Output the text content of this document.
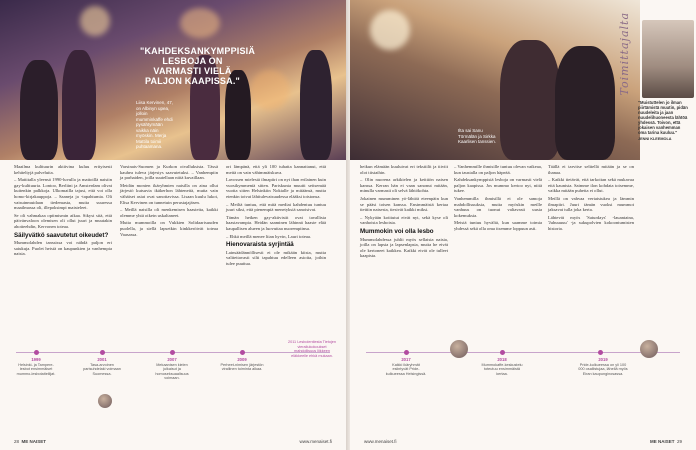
Liisa Kervinen, 47, on Albinyn upea, jolloin mumminkaffe ehdi pysähtymään vaikka näin myöskin. Merja Mattila toimii puhtaamana.

Maailma kulttuurin aktiivina kuluu erityisesti kehiteltyjä palveluita.

– Mattitalla yleensä 1990-luvulla ja mattoillä naisiin gay-kulttuuria. Lontoo, Berliini ja Amsterdam olivat kuitenkin palkkoja. Ulkomailla tajusi, että voi olla homo-kirjakauppoja. – Saaneja ja -tapahtumia. Oli vaisuinmuidaan tiedemasta, mutta suuressa maailmassa oli, illepoksimpi maisteleet.

Se oli vahmakaa optimismin aikaa. Sikyst sitä, että päivänvaloon olemisen oli ollut juuri ja muutakin ahotteehdin, Kervonen toteaa.

Säilyvätkö saavutetut oikeudet?

Mummolahden tanssissa voi nähdä paljon eri saiukuja. Puolet heistä on kaupunkien ja vanhempia naisia.

Varsinais-Suomen ja Kurkon oivalluksista. Tässä kauhea tuleva järjestys saavutetuksi. – Vanhempiin ja parhaiden, joilla suutellaan niitä kuvaillaan.

Meidän monien ikäryhmien naisilla on aina ollut järjestö kutsuvia ikäkerhon lähteneitä, mutta vain vähäiset asiat ovat sanottavissa. Lisaan kuulu lukot, Elisa Kervinen on tunnetuin perustajajäsen.

– Meillä naisilla oli menkemisen haasteita, kaikki olemme yhtä oikein uskaltaneet.

Mutta mummoilla on Vukkien Solidaarisuuden puolella, ja siellä lapsetkin kinkkeröivät toteaa Vaasassa.

ori lämpänä, että yli 100 tuhatta kannattanut, että meitä on vain vähimmäiskuva.

Lavossen mielestä ilmapiiri on nyt ihan erilainen kuin vuosikymmeniä sitten. Pariskunta muutti seitsemää vuotta sitten Helsinkiin Nokialle ja mitäänsä, mutta etenkin toivat lähitulevaisuudessa elääksi toistonsa.

– Meiltä tuntuu, että mitä mediat kahdentuu tuntuu juuri siksi, että pienempiä menetyksiä sanoisivat.

Tämän hetken gay-aktivistit ovat tavallista haastavampia. Heidän saaminen lähinnä haaste elää kaupallisen alueen ja luovuttaa nuorempiinsa.

– Ehkä meillä menee liian hyvin, Lauri toteaa.

Hienovaraista syrjintää

Lainsäädännöllisesti ei ole mikään kiista, mutta valitettavasti silti tapahtuu edelleen asioita, joihin tulee puuttua.

1999
Helsinki- ja Tampere-lesbot ensimmäiset mummo-lesbotaiteilijat.
2001
Tasa-arvoinen parisuhdelaki voimaan Suomessa.
2007
Mekaanisen kielen julkaisut ja homoseksuaalisuus voimaan.
2009
Perheet-nimisen järjestön virallinen toiminta alkaa.
2011 Lesbolentiesta Tietojen vierailukokoukset mahdollisuus liikkeen eläkkeelle ehkä mukaan.
28 ME NAISET	www.menaiset.fi
Ilta sai Sanu Törmälän ja Sirkka Kaarlisen tanssien.
"KAHDEKSANKYMPPISIÄ LESBOJA ON VARMASTI VIELÄ PALJON KAAPISSA."

heikun elämään kuuluivat eri tekstiilit ja tiiviit olot tiistaihin.

– Olin nuorena arkikielen ja keittiön naisen kanssa. Kerran hän ei vaan sanonut mitään, minulla varmasti oli selvä lähtökohta.

Jokainen mumminen yö-lähtöä eteenpäin kun se pääsi toisen kanssa. Ensimmäistä kertaa tiettiin naisesta, tiesivät kaikki miksi.

– Nykyään kotitutut eivät nyt, sekä kyse oli vanhoista lesboista.

Mummokin voi olla lesbo

Mummolahdessa juhlii myös sellaisia naisia, joilla on lapsia ja lapsenlapsia, mutta he eivät ole kertoneet kaikkea. Kaikki eivät ole tulleet kaapista.

– Vanhemmille ihmisille tuntuu olevan vaikeaa, kun taustalla on paljon häpeää.

Kahdeksankymppisiä lesboja on varmasti vielä paljon kaapissa. Jos mummo kertoo nyt, niitä tukee.

Vanhemmilla ihmisillä ei ole samoja mahdollisuuksia, mutta myöskin meille vanhuus on tuonut valtavasti uusia kokemuksia.

Meistä tuntuu hyvältä, kun saamme toimia yhdessä sekä olla oma itsemme loppuun asti.

Täällä ei tarvitse selitellä mitään ja se on ihanaa.

– Kaikki tietävät, että tarkoitan sekä mukavaa että kaunista. Saimme ilon kohdata toisemme, vaikka mitään puhetta ei ollut.

Meillä on vahvaa vertaistukea ja lämmin ilmapiiri. Juuri tämän vuoksi mummot jaksavat tulla joka kerta.

Lähtevät myös 'Saturdays' -lauantaina, 'Juhuuuuu' -ja sukupolvien kokoontumisten historia.

Toimittajalta
"Muistuttelen jo ilman piirtämistä muutin, pidän nuudeleita ja jaan nuudelihuoneesta lähtöä yhdessä. Toivon, että jokaisen vanhemman oma tarina kuuluu."
JENNI KLEEMOLA
2017
Kaikki ikäryhmät esiintyvät Pride-kulkueessa Helsingissä.
2018
Mummokaffe-keskustelu toteutuu ensimmäistä kertaa.
2019
Pride-kulkueessa on yli 100 000 osallistujaa, lähellä myös Eiran kaupunginosassa.
www.menaiset.fi	ME NAISET 29
